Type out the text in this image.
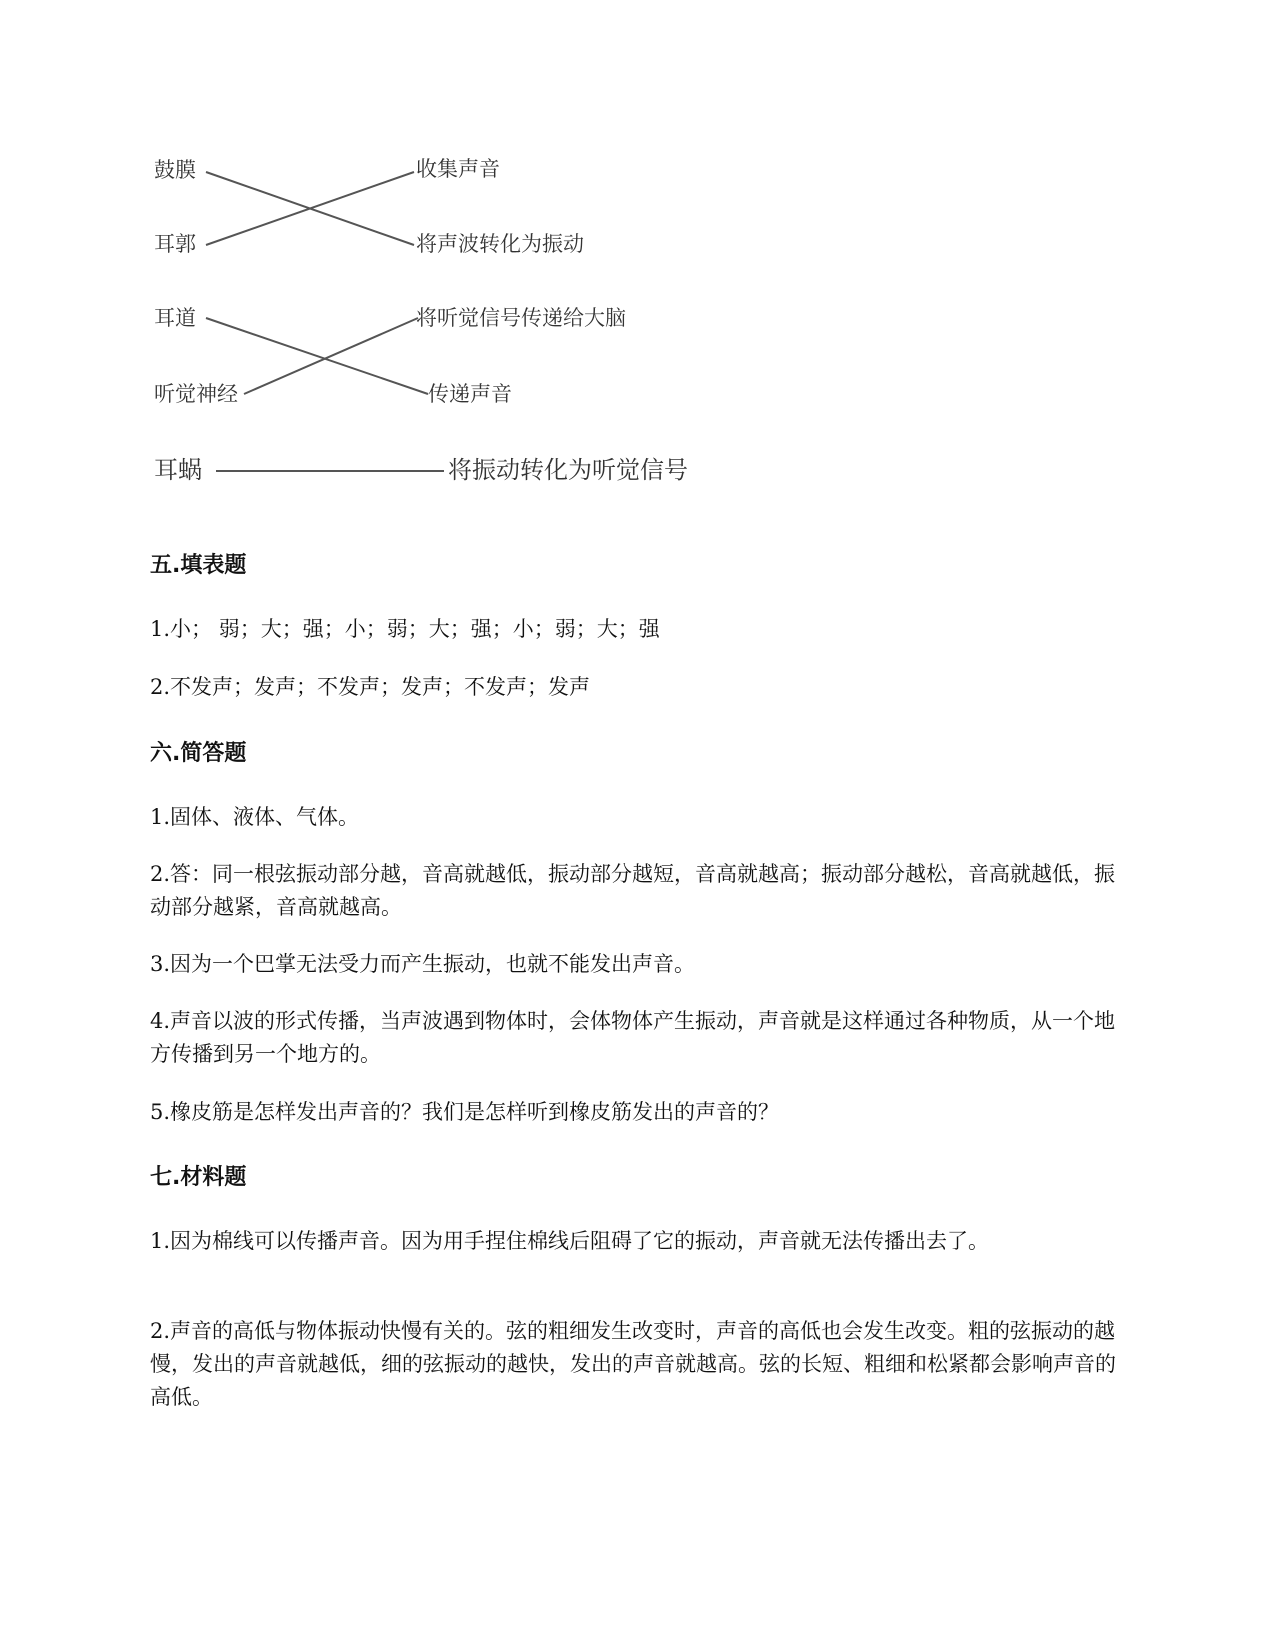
鼓膜
耳郭
收集声音
将声波转化为振动
耳道
听觉神经
将听觉信号传递给大脑
传递声音
耳蜗	将振动转化为听觉信号
五.填表题
1.小； 弱；大；强；小；弱；大；强；小；弱；大；强
2.不发声；发声；不发声；发声；不发声；发声
六.简答题
1.固体、液体、气体。
2.答：同一根弦振动部分越，音高就越低，振动部分越短，音高就越高；振动部分越松，音高就越低，振动部分越紧，音高就越高。
3.因为一个巴掌无法受力而产生振动，也就不能发出声音。
4.声音以波的形式传播，当声波遇到物体时，会体物体产生振动，声音就是这样通过各种物质，从一个地方传播到另一个地方的。
5.橡皮筋是怎样发出声音的？我们是怎样听到橡皮筋发出的声音的？
七.材料题
1.因为棉线可以传播声音。因为用手捏住棉线后阻碍了它的振动，声音就无法传播出去了。
2.声音的高低与物体振动快慢有关的。弦的粗细发生改变时，声音的高低也会发生改变。粗的弦振动的越慢，发出的声音就越低，细的弦振动的越快，发出的声音就越高。弦的长短、粗细和松紧都会影响声音的高低。
